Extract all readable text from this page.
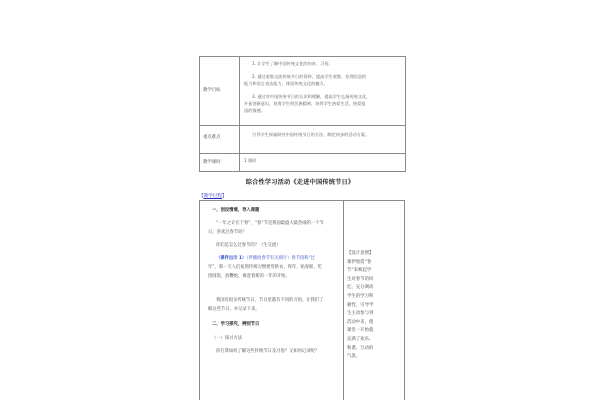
教学目标
1. 让学生了解中国传统文化的由来、习俗。
2. 通过收集交流传统节日的资料，提高学生收集、处理信息的
能力和语言表达能力，体验传统文化的魅力。
3. 通过对中国传统节日的认识和理解，提高学生弘扬传统文化，
开拓创新意识，培育学生的民族精神，培养学生热爱生活，热爱祖
国的情感。
重点难点
引导学生探索研究中国传统节日的方法，制定初步的活动方案。
教学课时	1 课时
综合性学习活动《走进中国传统节日》
【教学过程】
一、创设情境，导入课题
“一年之计在于春”，“春”节是我国最盛大最热闹的一个节
日，喜欢过春节吗？
你们是怎么过春节的？（生交流）
（课件出示 1）（伴播放春节有关图片）春节俗称“过
年”，那一天人们按照传统习惯要穿新衣、拜年、贴春联、吃
团圆饭、放鞭炮，寓意着新的一年的开始。
我国有很多传统节日，节日里都有不同的习俗，让我们了
解这些节日，并记录下来。
二、学习探究，辨别节日
（一）探讨方法
你打算如何了解这些传统节日及习俗？又如何记录呢？
【设计意图】
课伊始借“春
节”来唤起学
生对春节的回
忆，充分调动
学生的学习积
极性，引导学
生主动参与到
活动中来，使
课堂一开始就
充满了欢乐、
和谐、互动的
气氛。
